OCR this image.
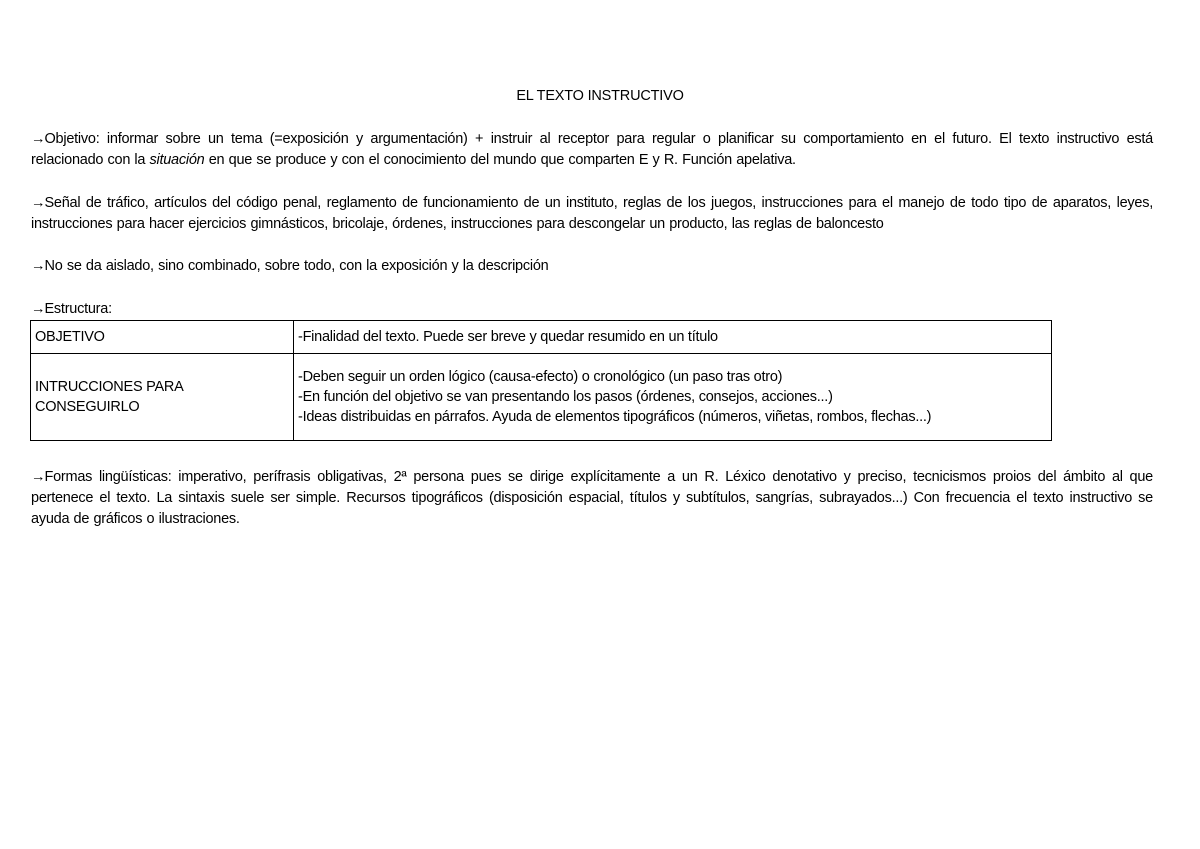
EL TEXTO INSTRUCTIVO
→Objetivo: informar sobre un tema (=exposición y argumentación) + instruir al receptor para regular o planificar su comportamiento en el futuro. El texto instructivo está relacionado con la situación en que se produce y con el conocimiento del mundo que comparten E y R. Función apelativa.
→Señal de tráfico, artículos del código penal, reglamento de funcionamiento de un instituto, reglas de los juegos, instrucciones para el manejo de todo tipo de aparatos, leyes, instrucciones para hacer ejercicios gimnásticos, bricolaje, órdenes, instrucciones para descongelar un producto, las reglas de baloncesto
→No se da aislado, sino combinado, sobre todo, con la exposición y la descripción
→Estructura:
OBJETIVO	-Finalidad del texto. Puede ser breve y quedar resumido en un título

INTRUCCIONES PARA CONSEGUIRLO	-Deben seguir un orden lógico (causa-efecto) o cronológico (un paso tras otro)
-En función del objetivo se van presentando los pasos (órdenes, consejos, acciones...)
-Ideas distribuidas en párrafos. Ayuda de elementos tipográficos (números, viñetas, rombos, flechas...)
→Formas lingüísticas: imperativo, perífrasis obligativas, 2ª persona pues se dirige explícitamente a un R. Léxico denotativo y preciso, tecnicismos proios del ámbito al que pertenece el texto. La sintaxis suele ser simple. Recursos tipográficos (disposición espacial, títulos y subtítulos, sangrías, subrayados...) Con frecuencia el texto instructivo se ayuda de gráficos o ilustraciones.
